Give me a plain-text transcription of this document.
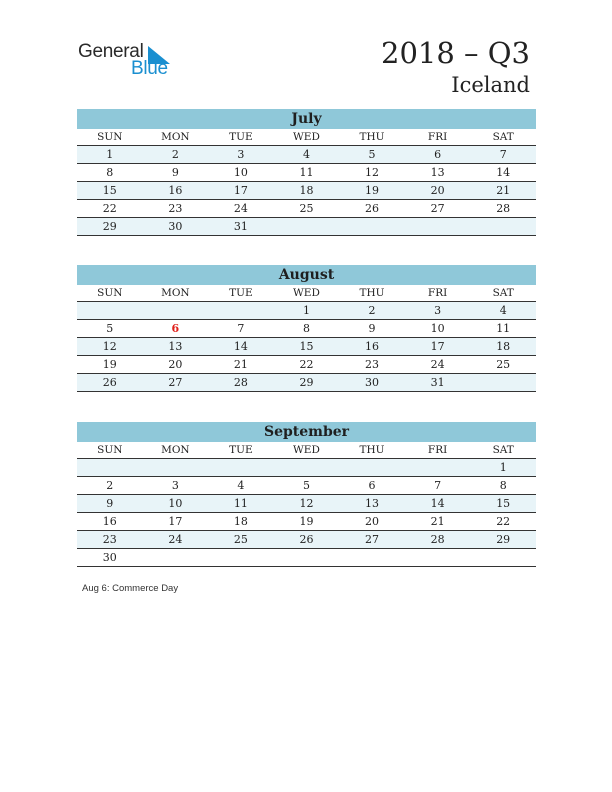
General
Blue	2018 – Q3
Iceland
July
SUN	MON	TUE	WED	THU	FRI	SAT
1	2	3	4	5	6	7
8	9	10	11	12	13	14
15	16	17	18	19	20	21
22	23	24	25	26	27	28
29	30	31				
August
SUN	MON	TUE	WED	THU	FRI	SAT
			1	2	3	4
5	6	7	8	9	10	11
12	13	14	15	16	17	18
19	20	21	22	23	24	25
26	27	28	29	30	31	
September
SUN	MON	TUE	WED	THU	FRI	SAT
						1
2	3	4	5	6	7	8
9	10	11	12	13	14	15
16	17	18	19	20	21	22
23	24	25	26	27	28	29
30						
Aug 6: Commerce Day
